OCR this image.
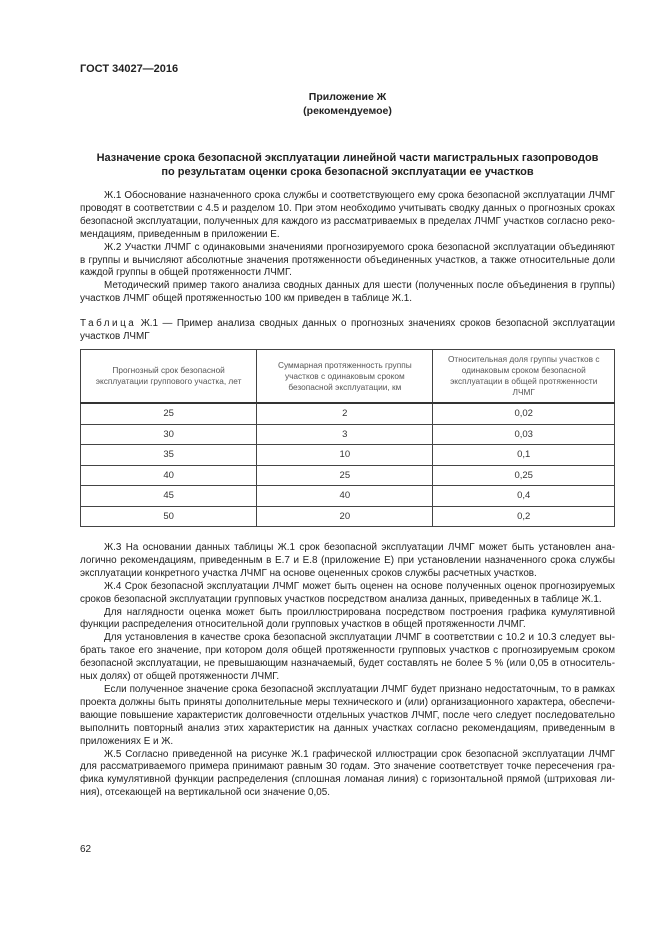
ГОСТ 34027—2016
Приложение Ж
(рекомендуемое)
Назначение срока безопасной эксплуатации линейной части магистральных газопроводов
по результатам оценки срока безопасной эксплуатации ее участков
Ж.1 Обоснование назначенного срока службы и соответствующего ему срока безопасной эксплуатации ЛЧМГ
проводят в соответствии с 4.5 и разделом 10. При этом необходимо учитывать сводку данных о прогнозных сроках
безопасной эксплуатации, полученных для каждого из рассматриваемых в пределах ЛЧМГ участков согласно реко-
мендациям, приведенным в приложении Е.
Ж.2 Участки ЛЧМГ с одинаковыми значениями прогнозируемого срока безопасной эксплуатации объединяют
в группы и вычисляют абсолютные значения протяженности объединенных участков, а также относительные доли
каждой группы в общей протяженности ЛЧМГ.
Методический пример такого анализа сводных данных для шести (полученных после объединения в группы)
участков ЛЧМГ общей протяженностью 100 км приведен в таблице Ж.1.
Таблица Ж.1 — Пример анализа сводных данных о прогнозных значениях сроков безопасной эксплуатации
участков ЛЧМГ
Прогнозный срок безопасной эксплуатации группового участка, лет	Суммарная протяженность группы участков с одинаковым сроком безопасной эксплуатации, км	Относительная доля группы участков с одинаковым сроком безопасной эксплуатации в общей протяженности ЛЧМГ
25	2	0,02
30	3	0,03
35	10	0,1
40	25	0,25
45	40	0,4
50	20	0,2
Ж.3 На основании данных таблицы Ж.1 срок безопасной эксплуатации ЛЧМГ может быть установлен ана-
логично рекомендациям, приведенным в Е.7 и Е.8 (приложение Е) при установлении назначенного срока службы
эксплуатации конкретного участка ЛЧМГ на основе оцененных сроков службы расчетных участков.
Ж.4 Срок безопасной эксплуатации ЛЧМГ может быть оценен на основе полученных оценок прогнозируемых
сроков безопасной эксплуатации групповых участков посредством анализа данных, приведенных в таблице Ж.1.
Для наглядности оценка может быть проиллюстрирована посредством построения графика кумулятивной
функции распределения относительной доли групповых участков в общей протяженности ЛЧМГ.
Для установления в качестве срока безопасной эксплуатации ЛЧМГ в соответствии с 10.2 и 10.3 следует вы-
брать такое его значение, при котором доля общей протяженности групповых участков с прогнозируемым сроком
безопасной эксплуатации, не превышающим назначаемый, будет составлять не более 5 % (или 0,05 в относитель-
ных долях) от общей протяженности ЛЧМГ.
Если полученное значение срока безопасной эксплуатации ЛЧМГ будет признано недостаточным, то в рамках
проекта должны быть приняты дополнительные меры технического и (или) организационного характера, обеспечи-
вающие повышение характеристик долговечности отдельных участков ЛЧМГ, после чего следует последовательно
выполнить повторный анализ этих характеристик на данных участках согласно рекомендациям, приведенным в
приложениях Е и Ж.
Ж.5 Согласно приведенной на рисунке Ж.1 графической иллюстрации срок безопасной эксплуатации ЛЧМГ
для рассматриваемого примера принимают равным 30 годам. Это значение соответствует точке пересечения гра-
фика кумулятивной функции распределения (сплошная ломаная линия) с горизонтальной прямой (штриховая ли-
ния), отсекающей на вертикальной оси значение 0,05.
62
